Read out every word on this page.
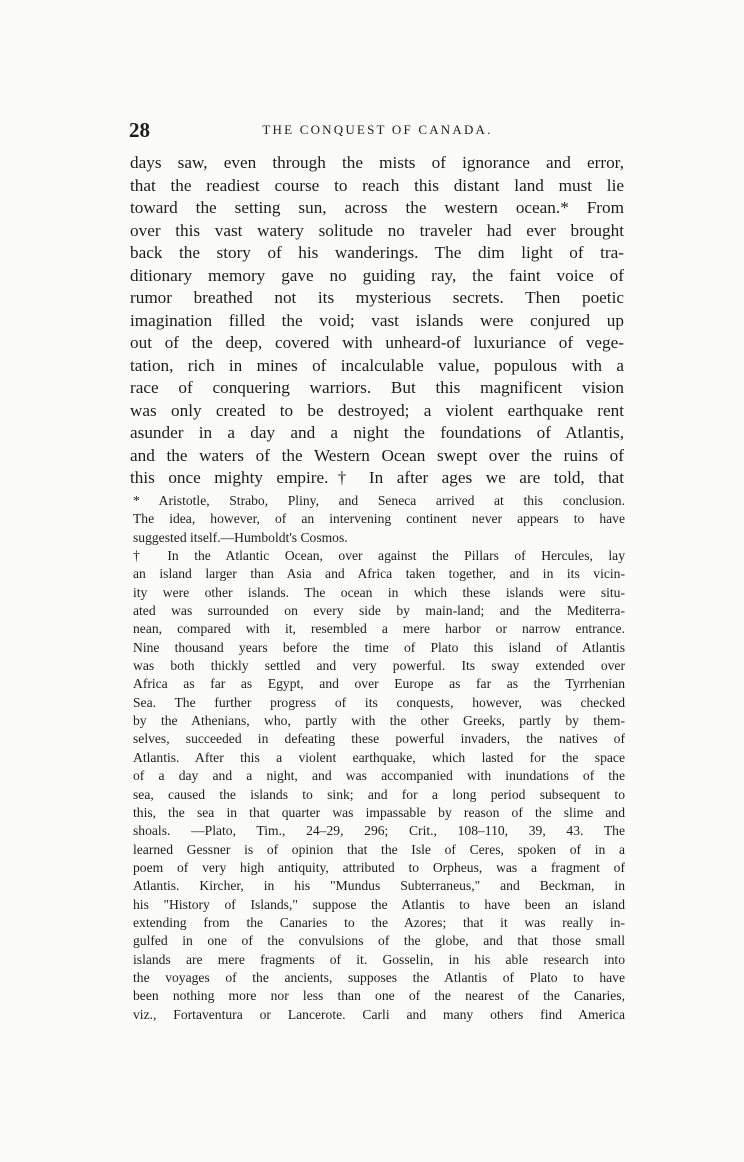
28	THE CONQUEST OF CANADA.
days saw, even through the mists of ignorance and error,
that the readiest course to reach this distant land must lie
toward the setting sun, across the western ocean.* From
over this vast watery solitude no traveler had ever brought
back the story of his wanderings. The dim light of tra-
ditionary memory gave no guiding ray, the faint voice of
rumor breathed not its mysterious secrets. Then poetic
imagination filled the void; vast islands were conjured up
out of the deep, covered with unheard-of luxuriance of vege-
tation, rich in mines of incalculable value, populous with a
race of conquering warriors. But this magnificent vision
was only created to be destroyed; a violent earthquake rent
asunder in a day and a night the foundations of Atlantis,
and the waters of the Western Ocean swept over the ruins of
this once mighty empire.† In after ages we are told, that
* Aristotle, Strabo, Pliny, and Seneca arrived at this conclusion.
The idea, however, of an intervening continent never appears to have
suggested itself.—Humboldt's Cosmos.
† In the Atlantic Ocean, over against the Pillars of Hercules, lay
an island larger than Asia and Africa taken together, and in its vicin-
ity were other islands. The ocean in which these islands were situ-
ated was surrounded on every side by main-land; and the Mediterra-
nean, compared with it, resembled a mere harbor or narrow entrance.
Nine thousand years before the time of Plato this island of Atlantis
was both thickly settled and very powerful. Its sway extended over
Africa as far as Egypt, and over Europe as far as the Tyrrhenian
Sea. The further progress of its conquests, however, was checked
by the Athenians, who, partly with the other Greeks, partly by them-
selves, succeeded in defeating these powerful invaders, the natives of
Atlantis. After this a violent earthquake, which lasted for the space
of a day and a night, and was accompanied with inundations of the
sea, caused the islands to sink; and for a long period subsequent to
this, the sea in that quarter was impassable by reason of the slime and
shoals. —Plato, Tim., 24–29, 296; Crit., 108–110, 39, 43. The
learned Gessner is of opinion that the Isle of Ceres, spoken of in a
poem of very high antiquity, attributed to Orpheus, was a fragment of
Atlantis. Kircher, in his "Mundus Subterraneus," and Beckman, in
his "History of Islands," suppose the Atlantis to have been an island
extending from the Canaries to the Azores; that it was really in-
gulfed in one of the convulsions of the globe, and that those small
islands are mere fragments of it. Gosselin, in his able research into
the voyages of the ancients, supposes the Atlantis of Plato to have
been nothing more nor less than one of the nearest of the Canaries,
viz., Fortaventura or Lancerote. Carli and many others find America
